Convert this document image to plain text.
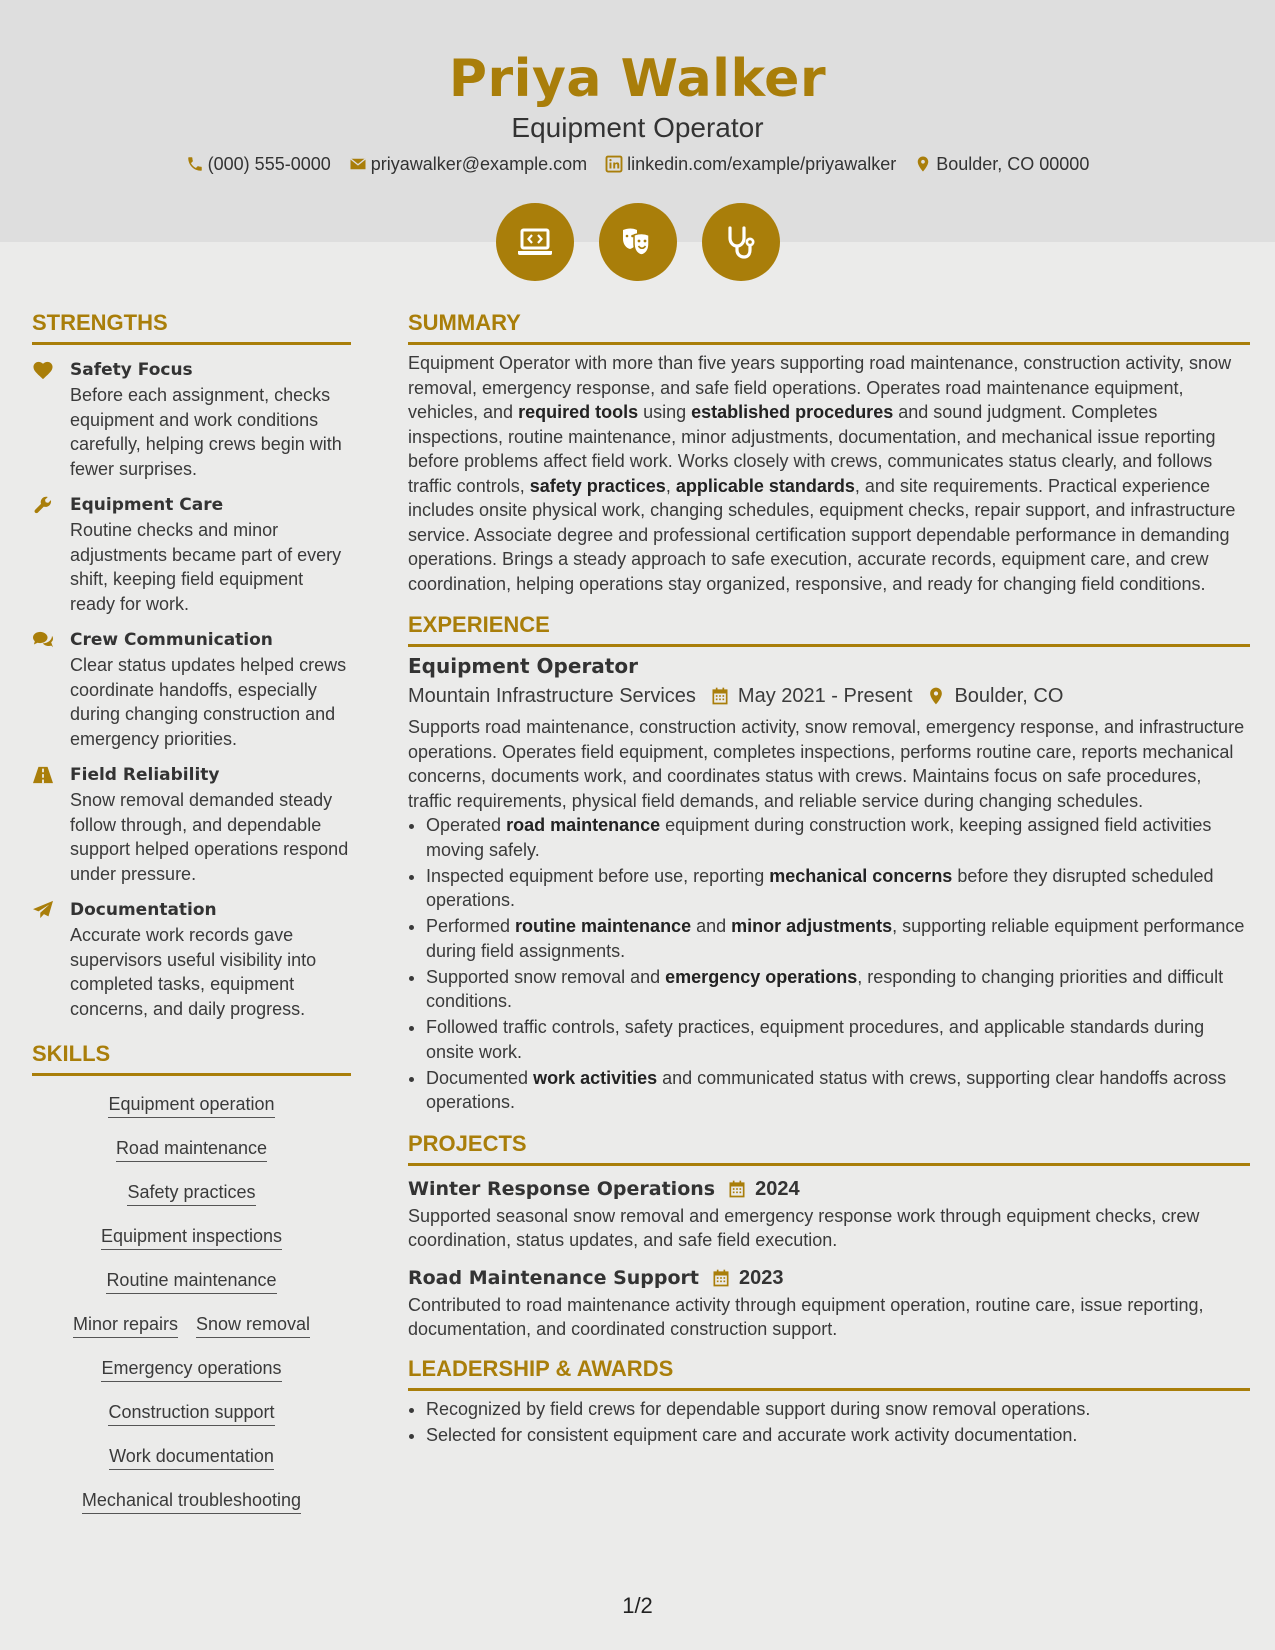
Priya Walker
Equipment Operator
(000) 555-0000 priyawalker@example.com linkedin.com/example/priyawalker Boulder, CO 00000
STRENGTHS
Safety Focus
Before each assignment, checks equipment and work conditions carefully, helping crews begin with fewer surprises.
Equipment Care
Routine checks and minor adjustments became part of every shift, keeping field equipment ready for work.
Crew Communication
Clear status updates helped crews coordinate handoffs, especially during changing construction and emergency priorities.
Field Reliability
Snow removal demanded steady follow through, and dependable support helped operations respond under pressure.
Documentation
Accurate work records gave supervisors useful visibility into completed tasks, equipment concerns, and daily progress.
SKILLS
Equipment operation
Road maintenance
Safety practices
Equipment inspections
Routine maintenance
Minor repairs Snow removal
Emergency operations
Construction support
Work documentation
Mechanical troubleshooting
SUMMARY
Equipment Operator with more than five years supporting road maintenance, construction activity, snow removal, emergency response, and safe field operations. Operates road maintenance equipment, vehicles, and required tools using established procedures and sound judgment. Completes inspections, routine maintenance, minor adjustments, documentation, and mechanical issue reporting before problems affect field work. Works closely with crews, communicates status clearly, and follows traffic controls, safety practices, applicable standards, and site requirements. Practical experience includes onsite physical work, changing schedules, equipment checks, repair support, and infrastructure service. Associate degree and professional certification support dependable performance in demanding operations. Brings a steady approach to safe execution, accurate records, equipment care, and crew coordination, helping operations stay organized, responsive, and ready for changing field conditions.
EXPERIENCE
Equipment Operator
Mountain Infrastructure Services May 2021 - Present Boulder, CO
Supports road maintenance, construction activity, snow removal, emergency response, and infrastructure operations. Operates field equipment, completes inspections, performs routine care, reports mechanical concerns, documents work, and coordinates status with crews. Maintains focus on safe procedures, traffic requirements, physical field demands, and reliable service during changing schedules.
• Operated road maintenance equipment during construction work, keeping assigned field activities moving safely.
• Inspected equipment before use, reporting mechanical concerns before they disrupted scheduled operations.
• Performed routine maintenance and minor adjustments, supporting reliable equipment performance during field assignments.
• Supported snow removal and emergency operations, responding to changing priorities and difficult conditions.
• Followed traffic controls, safety practices, equipment procedures, and applicable standards during onsite work.
• Documented work activities and communicated status with crews, supporting clear handoffs across operations.
PROJECTS
Winter Response Operations 2024
Supported seasonal snow removal and emergency response work through equipment checks, crew coordination, status updates, and safe field execution.
Road Maintenance Support 2023
Contributed to road maintenance activity through equipment operation, routine care, issue reporting, documentation, and coordinated construction support.
LEADERSHIP & AWARDS
• Recognized by field crews for dependable support during snow removal operations.
• Selected for consistent equipment care and accurate work activity documentation.
1/2
